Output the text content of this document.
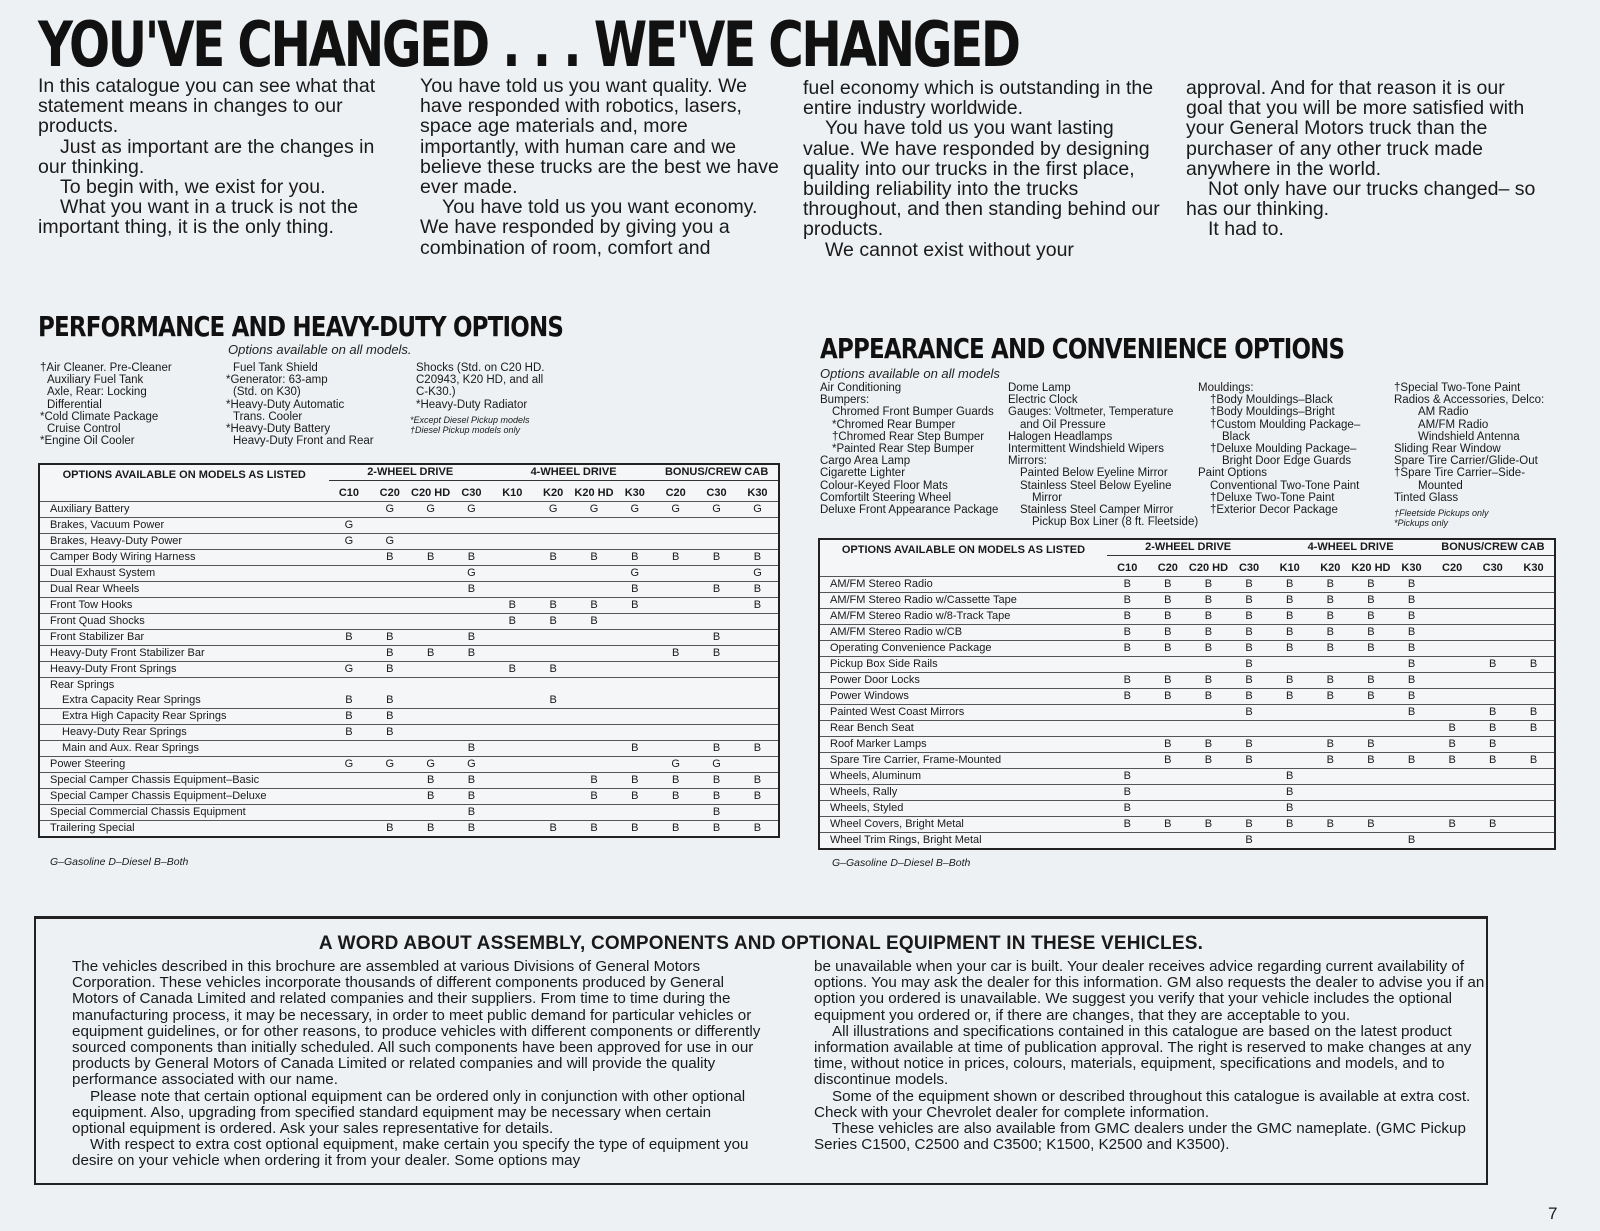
YOU'VE CHANGED . . . WE'VE CHANGED

In this catalogue you can see what that statement means in changes to our products.

Just as important are the changes in our thinking.

To begin with, we exist for you.

What you want in a truck is not the important thing, it is the only thing.

You have told us you want quality. We have responded with robotics, lasers, space age materials and, more importantly, with human care and we believe these trucks are the best we have ever made.

You have told us you want economy. We have responded by giving you a combination of room, comfort and

fuel economy which is outstanding in the entire industry worldwide.

You have told us you want lasting value. We have responded by designing quality into our trucks in the first place, building reliability into the trucks throughout, and then standing behind our products.

We cannot exist without your

approval. And for that reason it is our goal that you will be more satisfied with your General Motors truck than the purchaser of any other truck made anywhere in the world.

Not only have our trucks changed– so has our thinking.

It had to.

PERFORMANCE AND HEAVY-DUTY OPTIONS
Options available on all models.
†Air Cleaner. Pre-Cleaner
Auxiliary Fuel Tank
Axle, Rear: Locking
Differential
*Cold Climate Package
Cruise Control
*Engine Oil Cooler
Fuel Tank Shield
*Generator: 63-amp
(Std. on K30)
*Heavy-Duty Automatic
Trans. Cooler
*Heavy-Duty Battery
Heavy-Duty Front and Rear
Shocks (Std. on C20 HD.
C20943, K20 HD, and all
C-K30.)
*Heavy-Duty Radiator
*Except Diesel Pickup models
†Diesel Pickup models only
OPTIONS AVAILABLE ON MODELS AS LISTED	2-WHEEL DRIVE				4-WHEEL DRIVE				BONUS/CREW CAB		
	C10	C20	C20 HD	C30	K10	K20	K20 HD	K30	C20	C30	K30
Auxiliary Battery		G	G	G		G	G	G	G	G	G
Brakes, Vacuum Power	G										
Brakes, Heavy-Duty Power	G	G									
Camper Body Wiring Harness		B	B	B		B	B	B	B	B	B
Dual Exhaust System				G				G			G
Dual Rear Wheels				B				B		B	B
Front Tow Hooks					B	B	B	B			B
Front Quad Shocks					B	B	B				
Front Stabilizer Bar	B	B		B						B	
Heavy-Duty Front Stabilizer Bar		B	B	B					B	B	
Heavy-Duty Front Springs	G	B			B	B					
Rear Springs											
Extra Capacity Rear Springs	B	B				B					
Extra High Capacity Rear Springs	B	B									
Heavy-Duty Rear Springs	B	B									
Main and Aux. Rear Springs				B				B		B	B
Power Steering	G	G	G	G					G	G	
Special Camper Chassis Equipment–Basic			B	B			B	B	B	B	B
Special Camper Chassis Equipment–Deluxe			B	B			B	B	B	B	B
Special Commercial Chassis Equipment				B						B	
Trailering Special		B	B	B		B	B	B	B	B	B
G–Gasoline D–Diesel B–Both
APPEARANCE AND CONVENIENCE OPTIONS
Options available on all models
Air Conditioning
Bumpers:
Chromed Front Bumper Guards
*Chromed Rear Bumper
†Chromed Rear Step Bumper
*Painted Rear Step Bumper
Cargo Area Lamp
Cigarette Lighter
Colour-Keyed Floor Mats
Comfortilt Steering Wheel
Deluxe Front Appearance Package
Dome Lamp
Electric Clock
Gauges: Voltmeter, Temperature
and Oil Pressure
Halogen Headlamps
Intermittent Windshield Wipers
Mirrors:
Painted Below Eyeline Mirror
Stainless Steel Below Eyeline
Mirror
Stainless Steel Camper Mirror
Pickup Box Liner (8 ft. Fleetside)
Mouldings:
†Body Mouldings–Black
†Body Mouldings–Bright
†Custom Moulding Package–
Black
†Deluxe Moulding Package–
Bright Door Edge Guards
Paint Options
Conventional Two-Tone Paint
†Deluxe Two-Tone Paint
†Exterior Decor Package
†Special Two-Tone Paint
Radios & Accessories, Delco:
AM Radio
AM/FM Radio
Windshield Antenna
Sliding Rear Window
Spare Tire Carrier/Glide-Out
†Spare Tire Carrier–Side-
Mounted
Tinted Glass
†Fleetside Pickups only
*Pickups only
OPTIONS AVAILABLE ON MODELS AS LISTED	2-WHEEL DRIVE				4-WHEEL DRIVE				BONUS/CREW CAB		
	C10	C20	C20 HD	C30	K10	K20	K20 HD	K30	C20	C30	K30
AM/FM Stereo Radio	B	B	B	B	B	B	B	B			
AM/FM Stereo Radio w/Cassette Tape	B	B	B	B	B	B	B	B			
AM/FM Stereo Radio w/8-Track Tape	B	B	B	B	B	B	B	B			
AM/FM Stereo Radio w/CB	B	B	B	B	B	B	B	B			
Operating Convenience Package	B	B	B	B	B	B	B	B			
Pickup Box Side Rails				B				B		B	B
Power Door Locks	B	B	B	B	B	B	B	B			
Power Windows	B	B	B	B	B	B	B	B			
Painted West Coast Mirrors				B				B		B	B
Rear Bench Seat									B	B	B
Roof Marker Lamps		B	B	B		B	B		B	B	
Spare Tire Carrier, Frame-Mounted		B	B	B		B	B	B	B	B	B
Wheels, Aluminum	B				B						
Wheels, Rally	B				B						
Wheels, Styled	B				B						
Wheel Covers, Bright Metal	B	B	B	B	B	B	B		B	B	
Wheel Trim Rings, Bright Metal				B				B			
G–Gasoline D–Diesel B–Both
A WORD ABOUT ASSEMBLY, COMPONENTS AND OPTIONAL EQUIPMENT IN THESE VEHICLES.

The vehicles described in this brochure are assembled at various Divisions of General Motors Corporation. These vehicles incorporate thousands of different components produced by General Motors of Canada Limited and related companies and their suppliers. From time to time during the manufacturing process, it may be necessary, in order to meet public demand for particular vehicles or equipment guidelines, or for other reasons, to produce vehicles with different components or differently sourced components than initially scheduled. All such components have been approved for use in our products by General Motors of Canada Limited or related companies and will provide the quality performance associated with our name.

Please note that certain optional equipment can be ordered only in conjunction with other optional equipment. Also, upgrading from specified standard equipment may be necessary when certain optional equipment is ordered. Ask your sales representative for details.

With respect to extra cost optional equipment, make certain you specify the type of equipment you desire on your vehicle when ordering it from your dealer. Some options may

be unavailable when your car is built. Your dealer receives advice regarding current availability of options. You may ask the dealer for this information. GM also requests the dealer to advise you if an option you ordered is unavailable. We suggest you verify that your vehicle includes the optional equipment you ordered or, if there are changes, that they are acceptable to you.

All illustrations and specifications contained in this catalogue are based on the latest product information available at time of publication approval. The right is reserved to make changes at any time, without notice in prices, colours, materials, equipment, specifications and models, and to discontinue models.

Some of the equipment shown or described throughout this catalogue is available at extra cost. Check with your Chevrolet dealer for complete information.

These vehicles are also available from GMC dealers under the GMC nameplate. (GMC Pickup Series C1500, C2500 and C3500; K1500, K2500 and K3500).

7
